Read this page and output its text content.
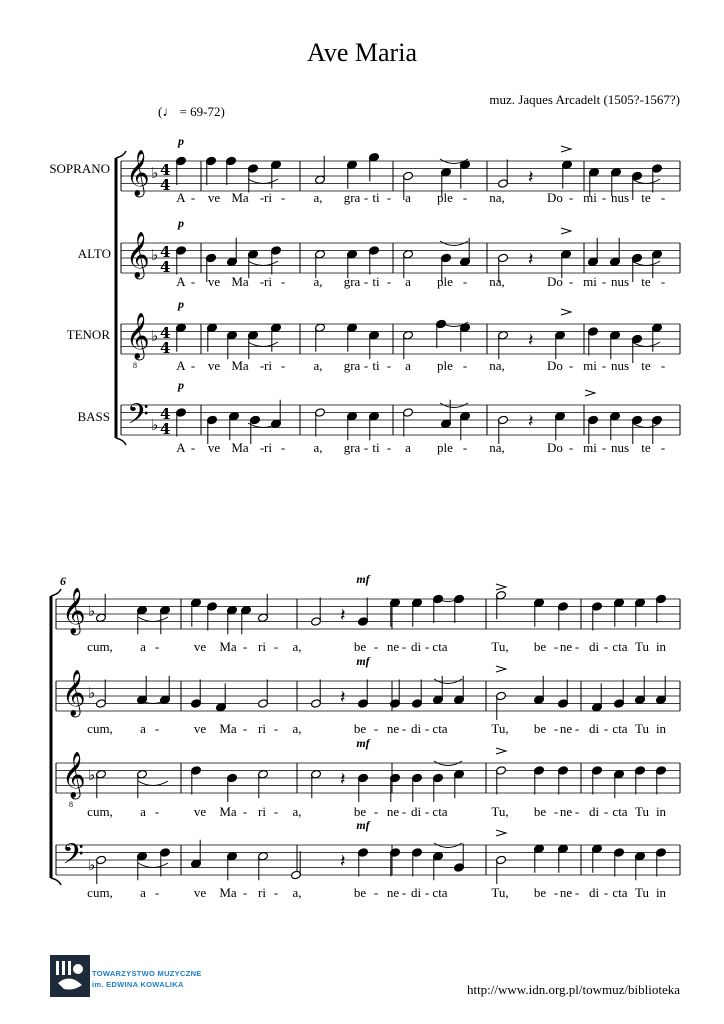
Ave Maria
muz. Jaques Arcadelt (1505?-1567?)
(♩ = 69-72)
SOPRANO
ALTO
TENOR
BASS
𝄞 ♭ 4
4	𝄽
p
𝄞 ♭ 4
4	𝄽
p
𝄞
8
♭ 4
4	𝄽
p
𝄢 ♭
4
4	𝄽
p
A - ve Ma - ri - a, gra - ti - a ple - na,	Do - mi - nus te -
A - ve Ma - ri - a, gra - ti - a ple - na,	Do - mi - nus te -
A - ve Ma - ri - a, gra - ti - a ple - na,	Do - mi - nus te -
A - ve Ma - ri - a, gra - ti - a ple - na,	Do - mi - nus te -
6
𝄞 ♭	𝄽
mf
𝄞 ♭	𝄽
mf
𝄞
8
♭	𝄽
mf
𝄢 ♭	𝄽
mf
cum, a -	ve Ma - ri - a,	be - ne - di - cta	Tu, be - ne - di - cta Tu in
cum, a -	ve Ma - ri - a,	be - ne - di - cta	Tu, be - ne - di - cta Tu in
cum, a -	ve Ma - ri - a,	be - ne - di - cta	Tu, be - ne - di - cta Tu in
cum, a -	ve Ma - ri - a,	be - ne - di - cta	Tu, be - ne - di - cta Tu in
TOWARZYSTWO MUZYCZNE
im. EDWINA KOWALIKA	http://www.idn.org.pl/towmuz/biblioteka
